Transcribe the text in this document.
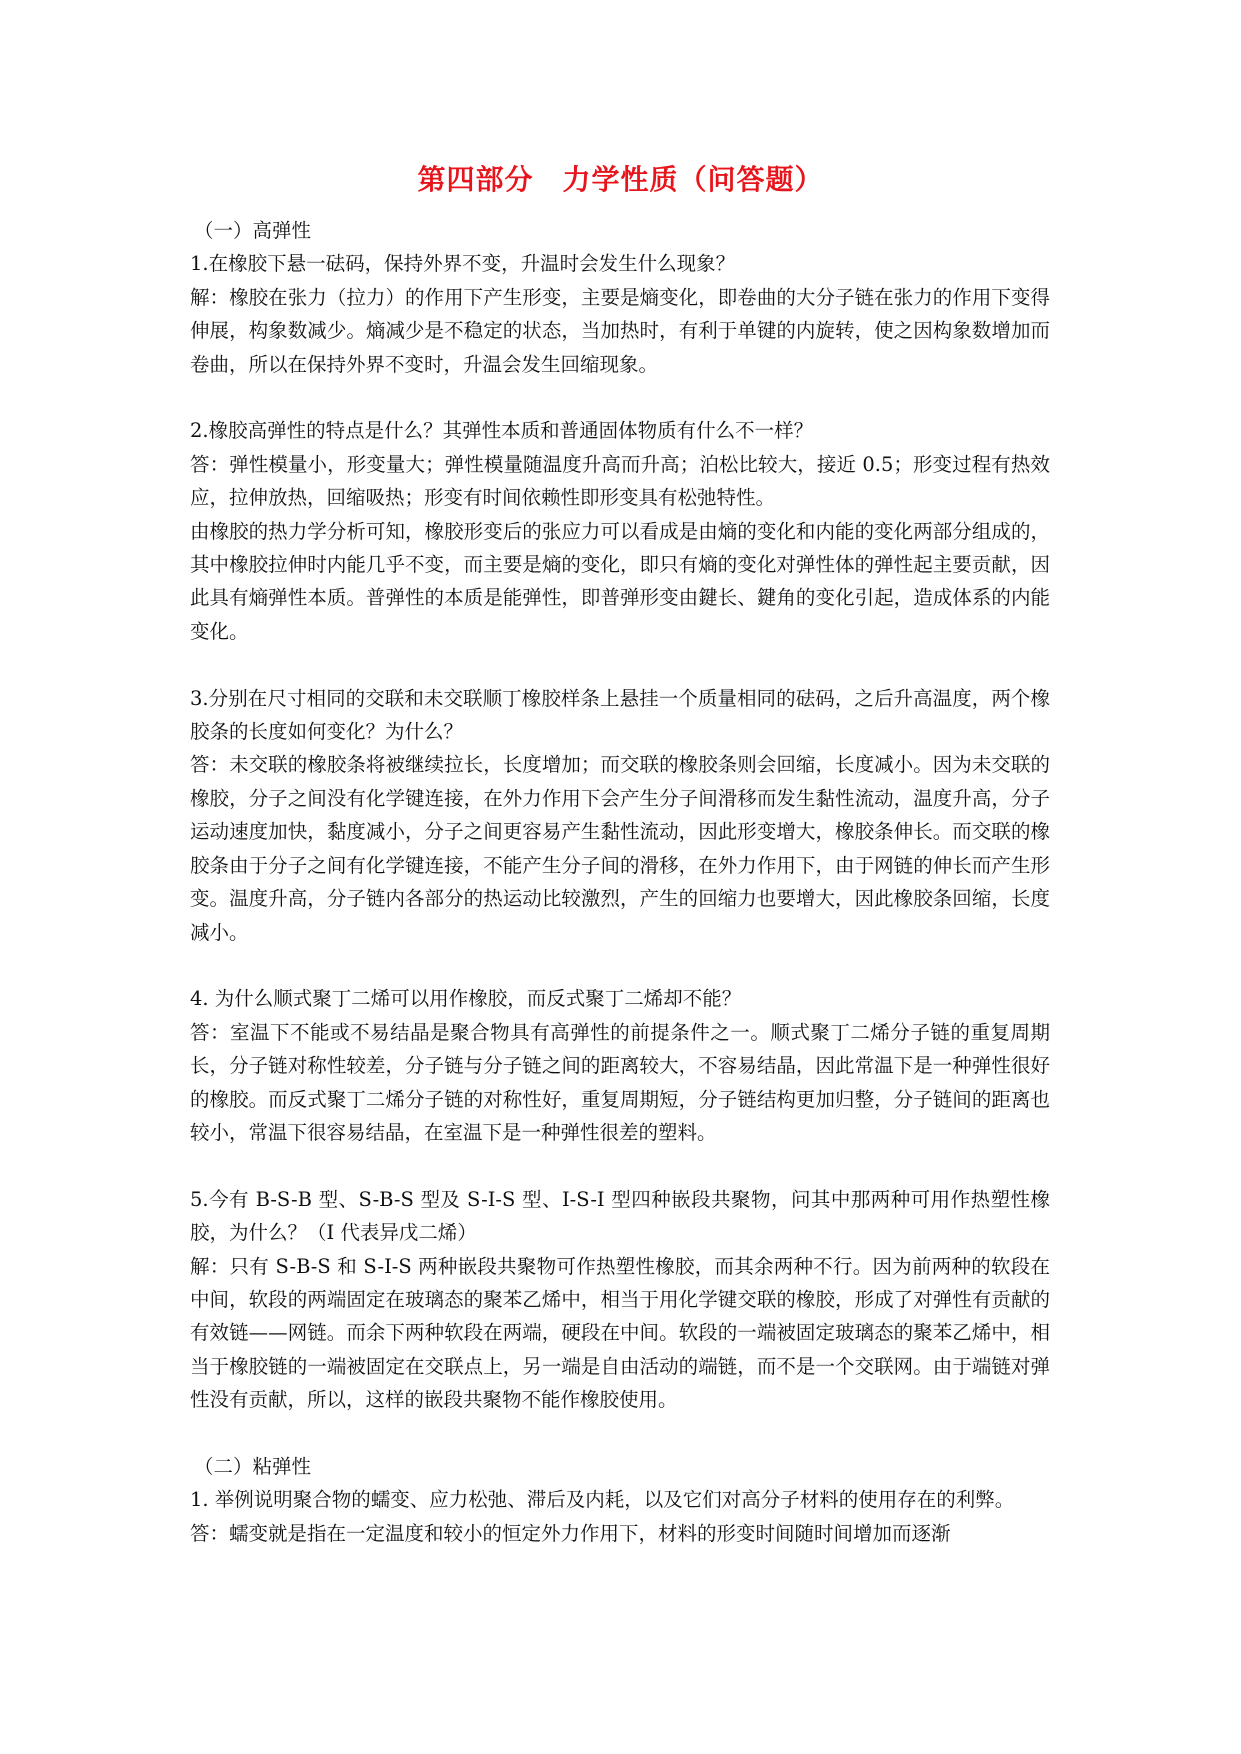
第四部分　力学性质（问答题）

（一）高弹性

1.在橡胶下悬一砝码，保持外界不变，升温时会发生什么现象？

解：橡胶在张力（拉力）的作用下产生形变，主要是熵变化，即卷曲的大分子链在张力的作用下变得伸展，构象数减少。熵减少是不稳定的状态，当加热时，有利于单键的内旋转，使之因构象数增加而卷曲，所以在保持外界不变时，升温会发生回缩现象。

2.橡胶高弹性的特点是什么？其弹性本质和普通固体物质有什么不一样？

答：弹性模量小，形变量大；弹性模量随温度升高而升高；泊松比较大，接近 0.5；形变过程有热效应，拉伸放热，回缩吸热；形变有时间依赖性即形变具有松弛特性。

由橡胶的热力学分析可知，橡胶形变后的张应力可以看成是由熵的变化和内能的变化两部分组成的，其中橡胶拉伸时内能几乎不变，而主要是熵的变化，即只有熵的变化对弹性体的弹性起主要贡献，因此具有熵弹性本质。普弹性的本质是能弹性，即普弹形变由鍵长、鍵角的变化引起，造成体系的内能变化。

3.分别在尺寸相同的交联和未交联顺丁橡胶样条上悬挂一个质量相同的砝码，之后升高温度，两个橡胶条的长度如何变化？为什么？

答：未交联的橡胶条将被继续拉长，长度增加；而交联的橡胶条则会回缩，长度减小。因为未交联的橡胶，分子之间没有化学键连接，在外力作用下会产生分子间滑移而发生黏性流动，温度升高，分子运动速度加快，黏度减小，分子之间更容易产生黏性流动，因此形变增大，橡胶条伸长。而交联的橡胶条由于分子之间有化学键连接，不能产生分子间的滑移，在外力作用下，由于网链的伸长而产生形变。温度升高，分子链内各部分的热运动比较激烈，产生的回缩力也要增大，因此橡胶条回缩，长度减小。

4. 为什么顺式聚丁二烯可以用作橡胶，而反式聚丁二烯却不能？

答：室温下不能或不易结晶是聚合物具有高弹性的前提条件之一。顺式聚丁二烯分子链的重复周期长，分子链对称性较差，分子链与分子链之间的距离较大，不容易结晶，因此常温下是一种弹性很好的橡胶。而反式聚丁二烯分子链的对称性好，重复周期短，分子链结构更加归整，分子链间的距离也较小，常温下很容易结晶，在室温下是一种弹性很差的塑料。

5.今有 B-S-B 型、S-B-S 型及 S-I-S 型、I-S-I 型四种嵌段共聚物，问其中那两种可用作热塑性橡胶，为什么？（I 代表异戊二烯）

解：只有 S-B-S 和 S-I-S 两种嵌段共聚物可作热塑性橡胶，而其余两种不行。因为前两种的软段在中间，软段的两端固定在玻璃态的聚苯乙烯中，相当于用化学键交联的橡胶，形成了对弹性有贡献的有效链——网链。而余下两种软段在两端，硬段在中间。软段的一端被固定玻璃态的聚苯乙烯中，相当于橡胶链的一端被固定在交联点上，另一端是自由活动的端链，而不是一个交联网。由于端链对弹性没有贡献，所以，这样的嵌段共聚物不能作橡胶使用。

（二）粘弹性

1. 举例说明聚合物的蠕变、应力松弛、滞后及内耗，以及它们对高分子材料的使用存在的利弊。

答：蠕变就是指在一定温度和较小的恒定外力作用下，材料的形变时间随时间增加而逐渐
